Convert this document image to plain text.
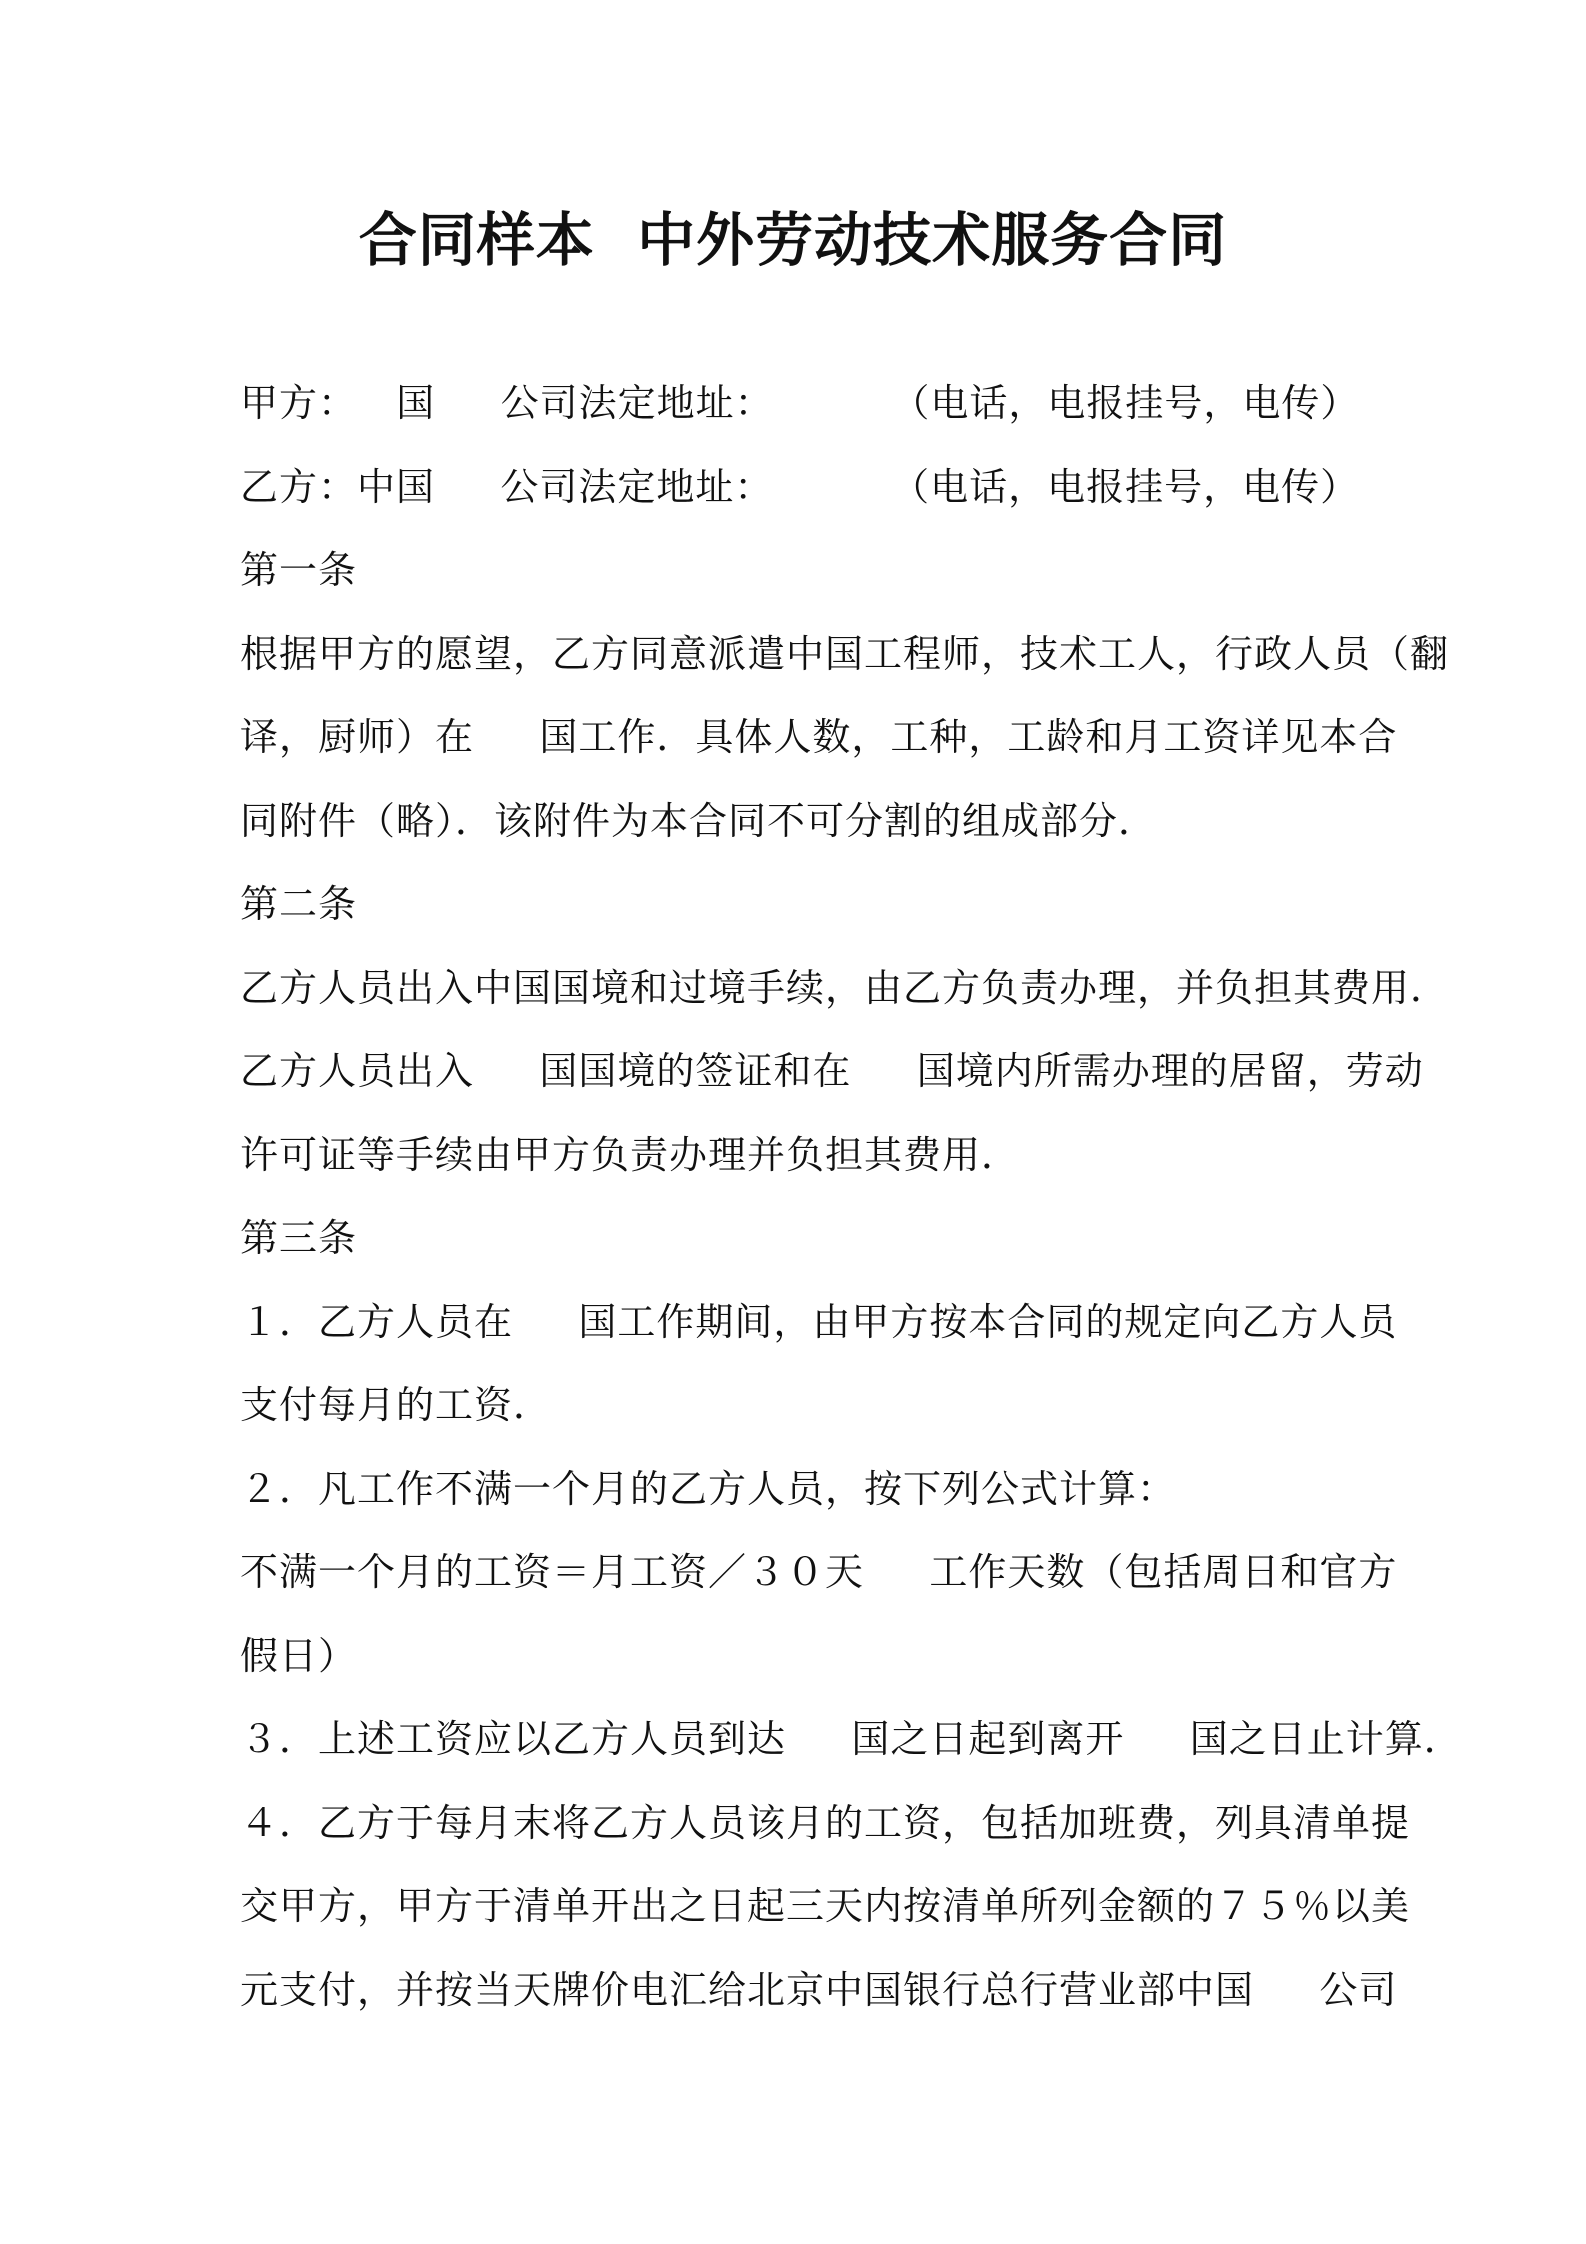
合同样本  中外劳动技术服务合同
甲方：   国     公司法定地址：         （电话，电报挂号，电传）
乙方：中国     公司法定地址：         （电话，电报挂号，电传）
第一条
根据甲方的愿望，乙方同意派遣中国工程师，技术工人，行政人员（翻
译，厨师）在     国工作．具体人数，工种，工龄和月工资详见本合
同附件（略）．该附件为本合同不可分割的组成部分．
第二条
乙方人员出入中国国境和过境手续，由乙方负责办理，并负担其费用．
乙方人员出入     国国境的签证和在     国境内所需办理的居留，劳动
许可证等手续由甲方负责办理并负担其费用．
第三条
１．乙方人员在     国工作期间，由甲方按本合同的规定向乙方人员
支付每月的工资．
２．凡工作不满一个月的乙方人员，按下列公式计算：
不满一个月的工资＝月工资／３０天     工作天数（包括周日和官方
假日）
３．上述工资应以乙方人员到达     国之日起到离开     国之日止计算．
４．乙方于每月末将乙方人员该月的工资，包括加班费，列具清单提
交甲方，甲方于清单开出之日起三天内按清单所列金额的７５％以美
元支付，并按当天牌价电汇给北京中国银行总行营业部中国     公司
